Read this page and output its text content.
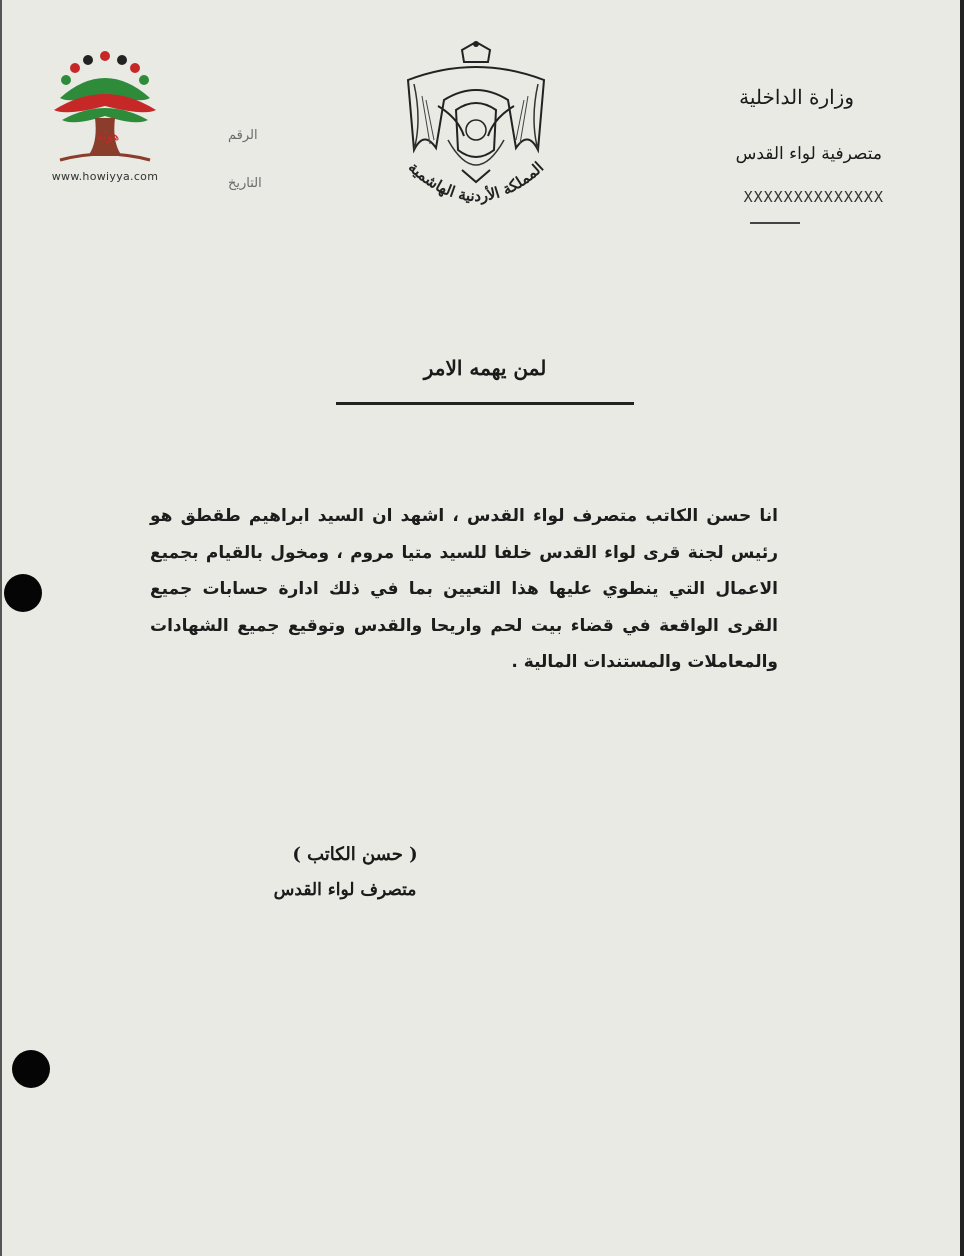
هويّة
www.howiyya.com
الرقم
التاريخ
المملكة الأردنية الهاشمية
وزارة الداخلية
متصرفية لواء القدس
XXXXXXXXXXXXXX
لمن يهمه الامر
انا حسن الكاتب متصرف لواء القدس ، اشهد ان السيد ابراهيم طقطق هو رئيس لجنة قرى لواء القدس خلفا للسيد متيا مروم ، ومخول بالقيام بجميع الاعمال التي ينطوي عليها هذا التعيين بما في ذلك ادارة حسابات جميع القرى الواقعة في قضاء بيت لحم واريحا والقدس وتوقيع جميع الشهادات والمعاملات والمستندات المالية .
( حسن الكاتب )
متصرف لواء القدس
